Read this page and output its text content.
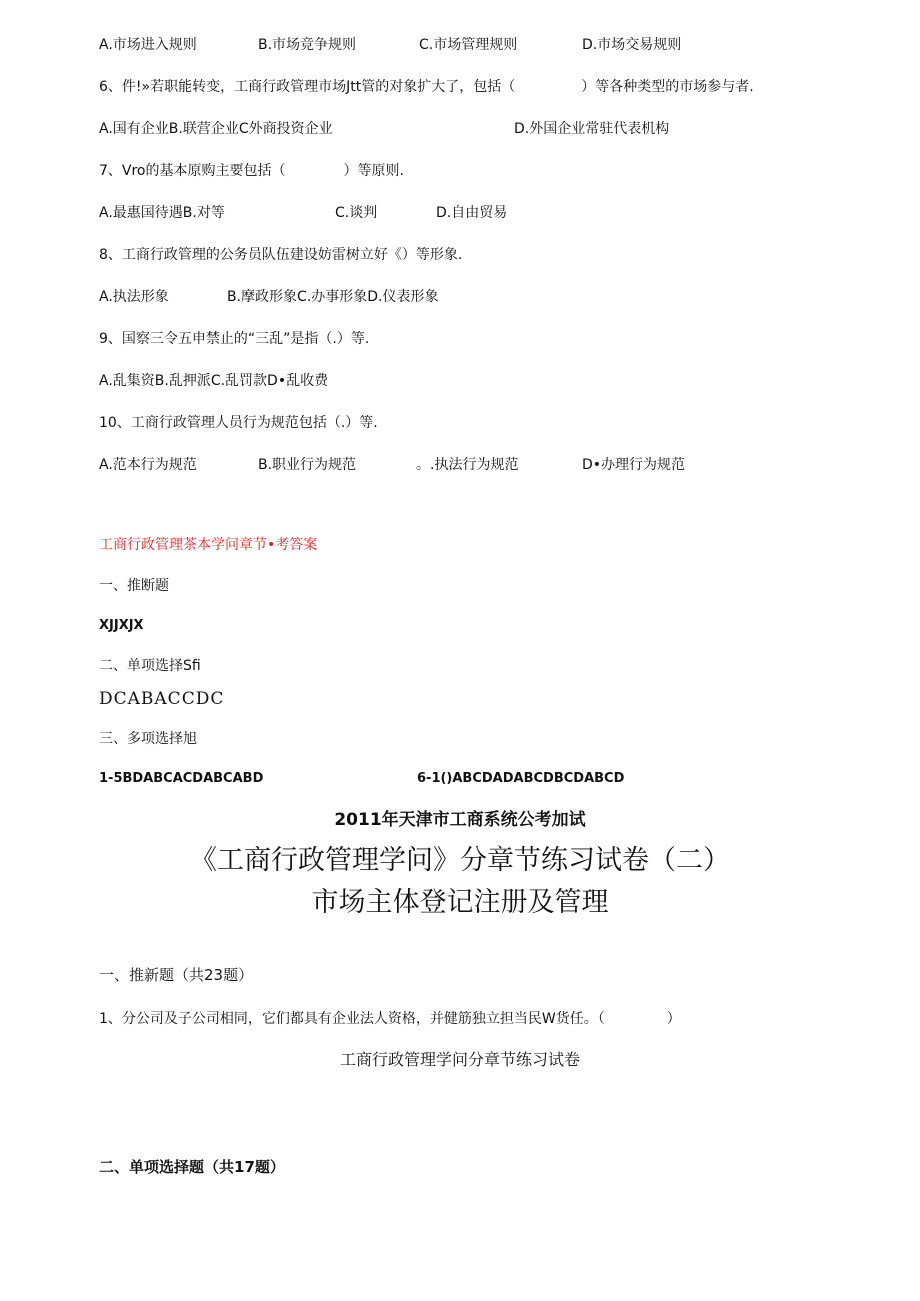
A.市场进入规则	B.市场竞争规则	C.市场管理规则	D.市场交易规则
6、件!»若职能转变，工商行政管理市场Jtt管的对象扩大了，包括（	）等各种类型的市场参与者.
A.国有企业B.联营企业C外商投资企业	D.外国企业常驻代表机构
7、Vro的基本原购主要包括（	）等原则.
A.最惠国待遇B.对等	C.谈判	D.自由贸易
8、工商行政管理的公务员队伍建设妨雷树立好《）等形象.
A.执法形象	B.摩政形象C.办事形象D.仪表形象
9、国察三令五申禁止的“三乱”是指（.）等.
A.乱集资B.乱押派C.乱罚款D•乱收费
10、工商行政管理人员行为规范包括（.）等.
A.范本行为规范	B.职业行为规范	。.执法行为规范	D•办理行为规范
工商行政管理茶本学问章节•考答案
一、推断题
XJJXJX
二、单项选择Sfi
DCABACCDC
三、多项选择旭
1-5BDABCACDABCABD	6-1()ABCDADABCDBCDABCD
2011年天津市工商系统公考加试
《工商行政管理学问》分章节练习试卷（二）
市场主体登记注册及管理
一、推新题（共23题）
1、分公司及子公司相同，它们都具有企业法人资格，并健筋独立担当民W货任。（	）
工商行政管理学问分章节练习试卷
二、单项选择题（共17题）
